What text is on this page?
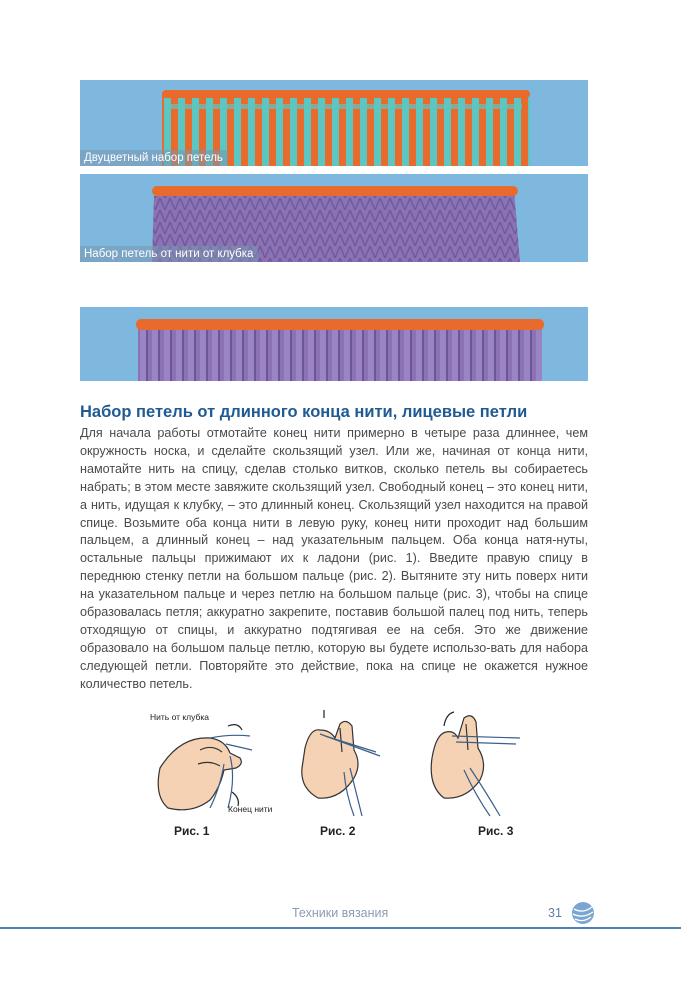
Двуцветный набор петель
Набор петель от нити от клубка
Набор петель от длинного конца нити, лицевые петли

Для начала работы отмотайте конец нити примерно в четыре раза длиннее, чем окружность носка, и сделайте скользящий узел. Или же, начиная от конца нити, намотайте нить на спицу, сделав столько витков, сколько петель вы собираетесь набрать; в этом месте завяжите скользящий узел. Свободный конец – это конец нити, а нить, идущая к клубку, – это длинный конец. Скользящий узел находится на правой спице. Возьмите оба конца нити в левую руку, конец нити проходит над большим пальцем, а длинный конец – над указательным пальцем. Оба конца натя-нуты, остальные пальцы прижимают их к ладони (рис. 1). Введите правую спицу в переднюю стенку петли на большом пальце (рис. 2). Вытяните эту нить поверх нити на указательном пальце и через петлю на большом пальце (рис. 3), чтобы на спице образовалась петля; аккуратно закрепите, поставив большой палец под нить, теперь отходящую от спицы, и аккуратно подтягивая ее на себя. Это же движение образовало на большом пальце петлю, которую вы будете использо-вать для набора следующей петли. Повторяйте это действие, пока на спице не окажется нужное количество петель.

Нить от клубка
Конец нити
Рис. 1	Рис. 2	Рис. 3
Техники вязания	31
